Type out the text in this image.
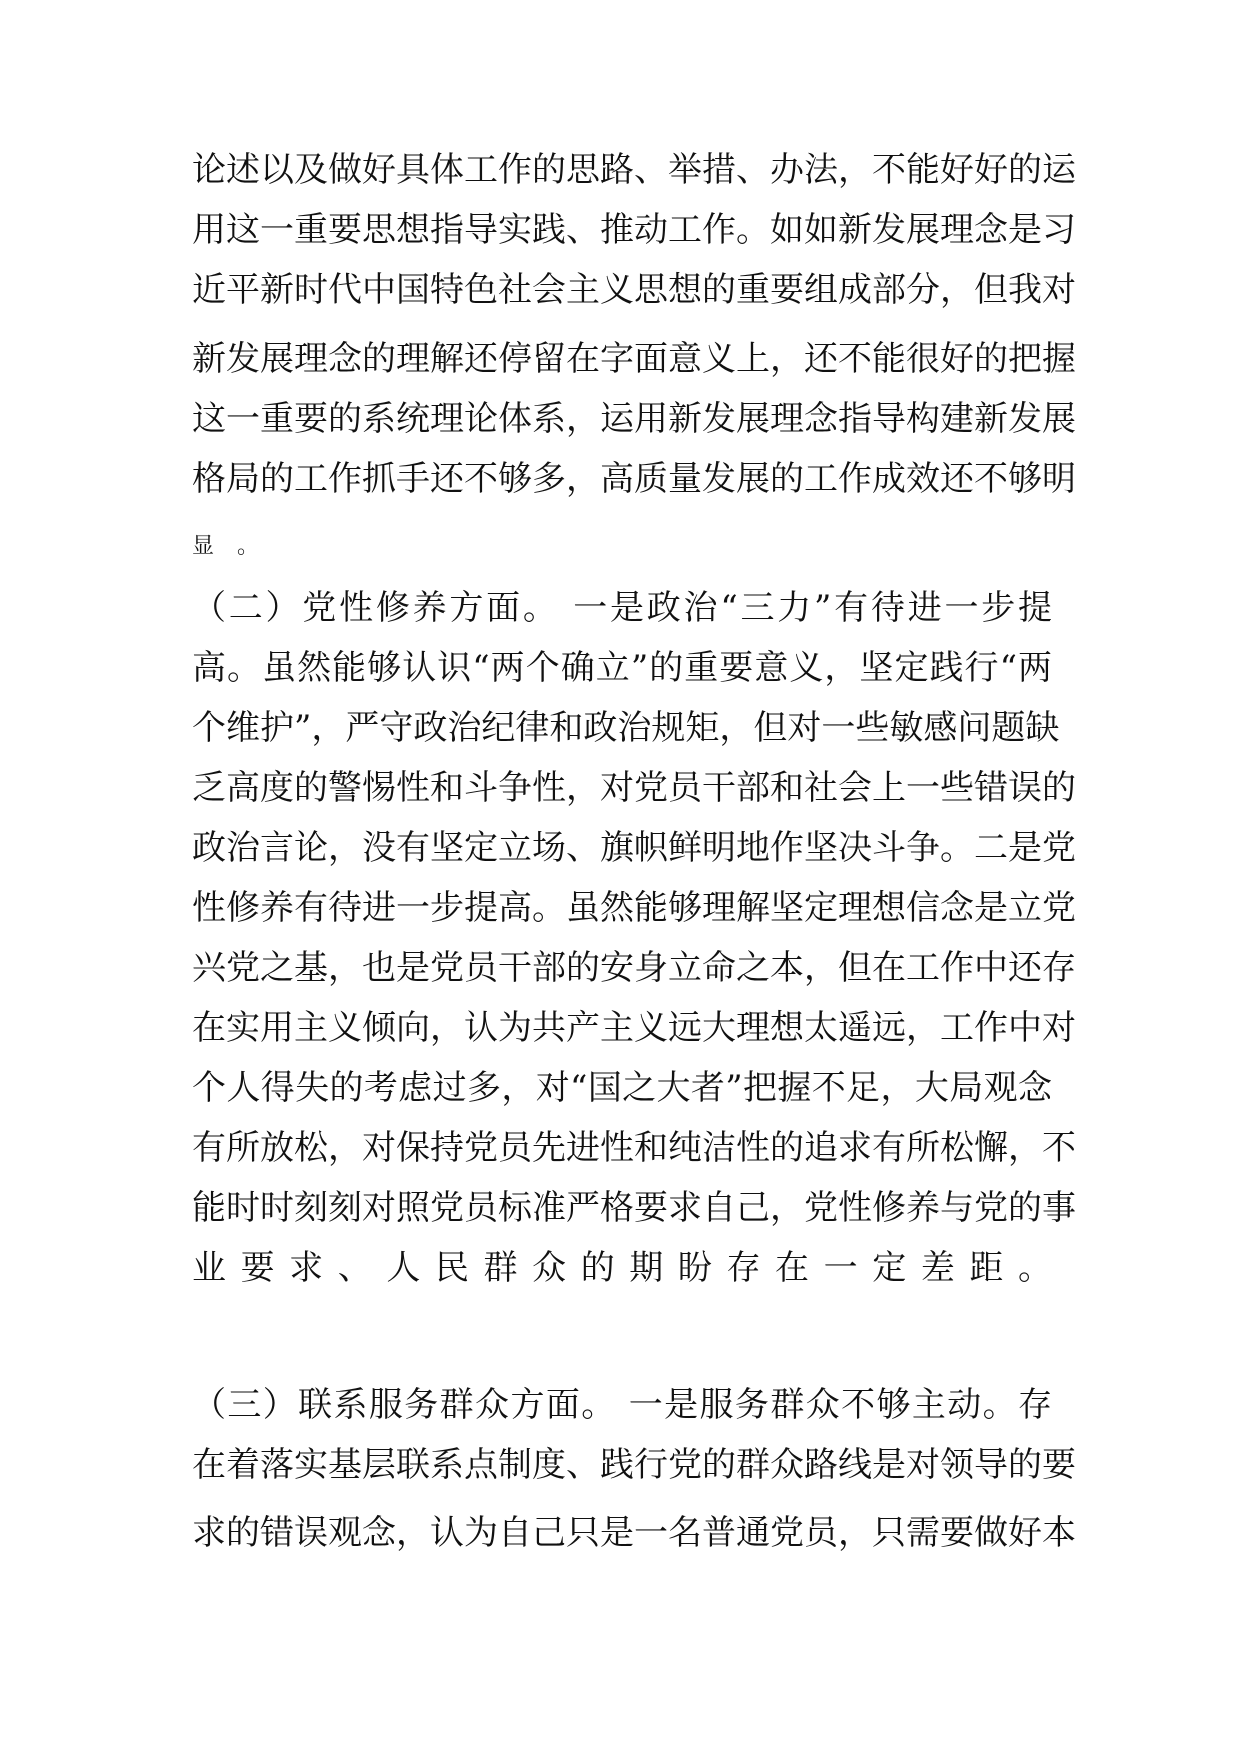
论述以及做好具体工作的思路、举措、办法，不能好好的运
用这一重要思想指导实践、推动工作。如如新发展理念是习
近平新时代中国特色社会主义思想的重要组成部分，但我对
新发展理念的理解还停留在字面意义上，还不能很好的把握
这一重要的系统理论体系，运用新发展理念指导构建新发展
格局的工作抓手还不够多，高质量发展的工作成效还不够明
显 。
（二）党性修养方面。 一是政治“三力”有待进一步提
高。虽然能够认识“两个确立”的重要意义，坚定践行“两
个维护”，严守政治纪律和政治规矩，但对一些敏感问题缺
乏高度的警惕性和斗争性，对党员干部和社会上一些错误的
政治言论，没有坚定立场、旗帜鲜明地作坚决斗争。二是党
性修养有待进一步提高。虽然能够理解坚定理想信念是立党
兴党之基，也是党员干部的安身立命之本，但在工作中还存
在实用主义倾向，认为共产主义远大理想太遥远，工作中对
个人得失的考虑过多，对“国之大者”把握不足，大局观念
有所放松，对保持党员先进性和纯洁性的追求有所松懈，不
能时时刻刻对照党员标准严格要求自己，党性修养与党的事
业要求、人民群众的期盼存在一定差距。
（三）联系服务群众方面。 一是服务群众不够主动。存
在着落实基层联系点制度、践行党的群众路线是对领导的要
求的错误观念，认为自己只是一名普通党员，只需要做好本
